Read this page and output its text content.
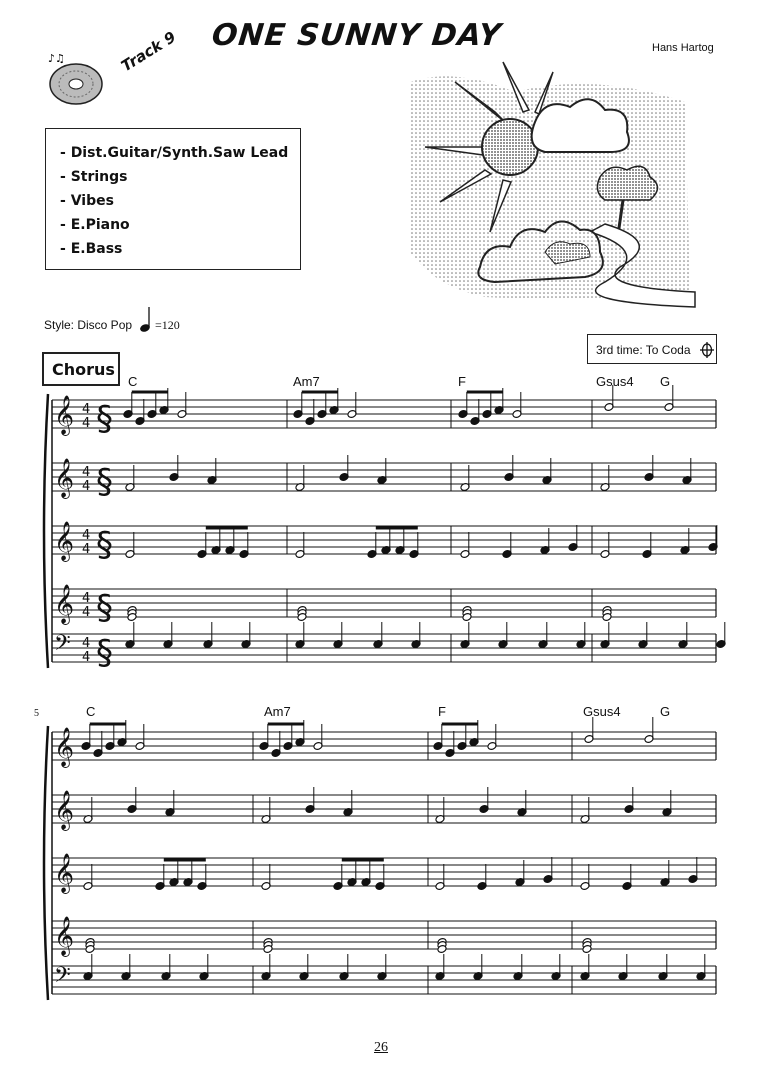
ONE SUNNY DAY	Hans Hartog
Track 9
♪♫
- Dist.Guitar/Synth.Saw Lead
- Strings
- Vibes
- E.Piano
- E.Bass
Style: Disco Pop =120
3rd time: To Coda
Chorus
C	Am7	F	Gsus4 G
C	Am7	F	Gsus4	G
5
𝄞 4
4 §
𝄞 4
4 §
𝄞 4
4 §
𝄞 4
4 §
𝄢 4
4 §
𝄞
𝄞
𝄞
𝄞
𝄢
26
